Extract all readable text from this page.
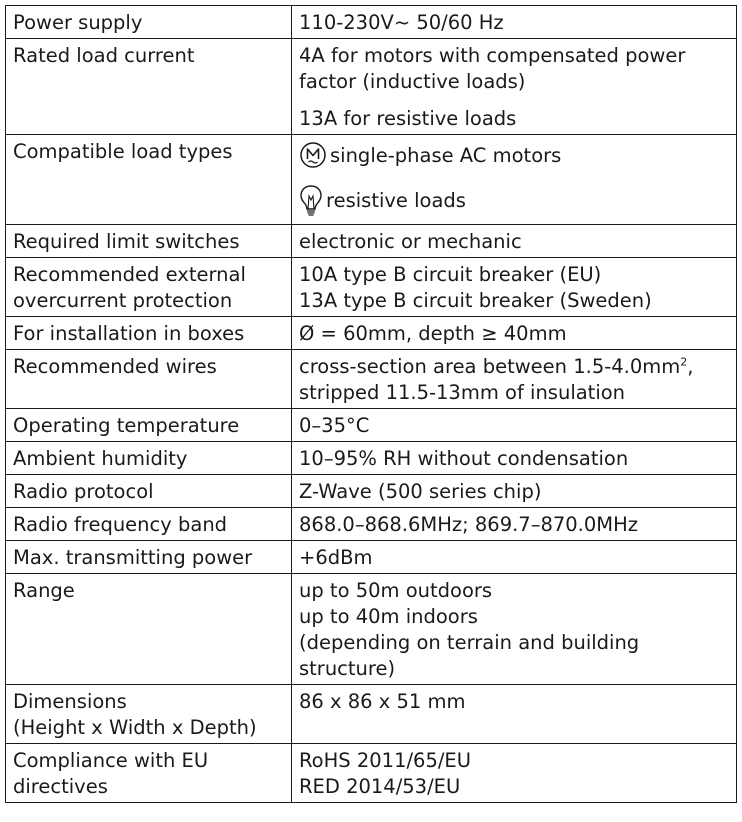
Power supply	110-230V~ 50/60 Hz

Rated load current	4A for motors with compensated power
factor (inductive loads)
13A for resistive loads

Compatible load types	single-phase AC motors
resistive loads

Required limit switches	electronic or mechanic

Recommended external
overcurrent protection	10A type B circuit breaker (EU)
13A type B circuit breaker (Sweden)

For installation in boxes	Ø = 60mm, depth ≥ 40mm

Recommended wires	cross-section area between $1.5-4.0mm^2$,
stripped 11.5-13mm of insulation

Operating temperature	0–35°C

Ambient humidity	10–95% RH without condensation

Radio protocol	Z-Wave (500 series chip)

Radio frequency band	868.0–868.6MHz; 869.7–870.0MHz

Max. transmitting power	+6dBm

Range	up to 50m outdoors
up to 40m indoors
(depending on terrain and building
structure)

Dimensions
(Height x Width x Depth)	86 x 86 x 51 mm

Compliance with EU
directives	RoHS 2011/65/EU
RED 2014/53/EU
